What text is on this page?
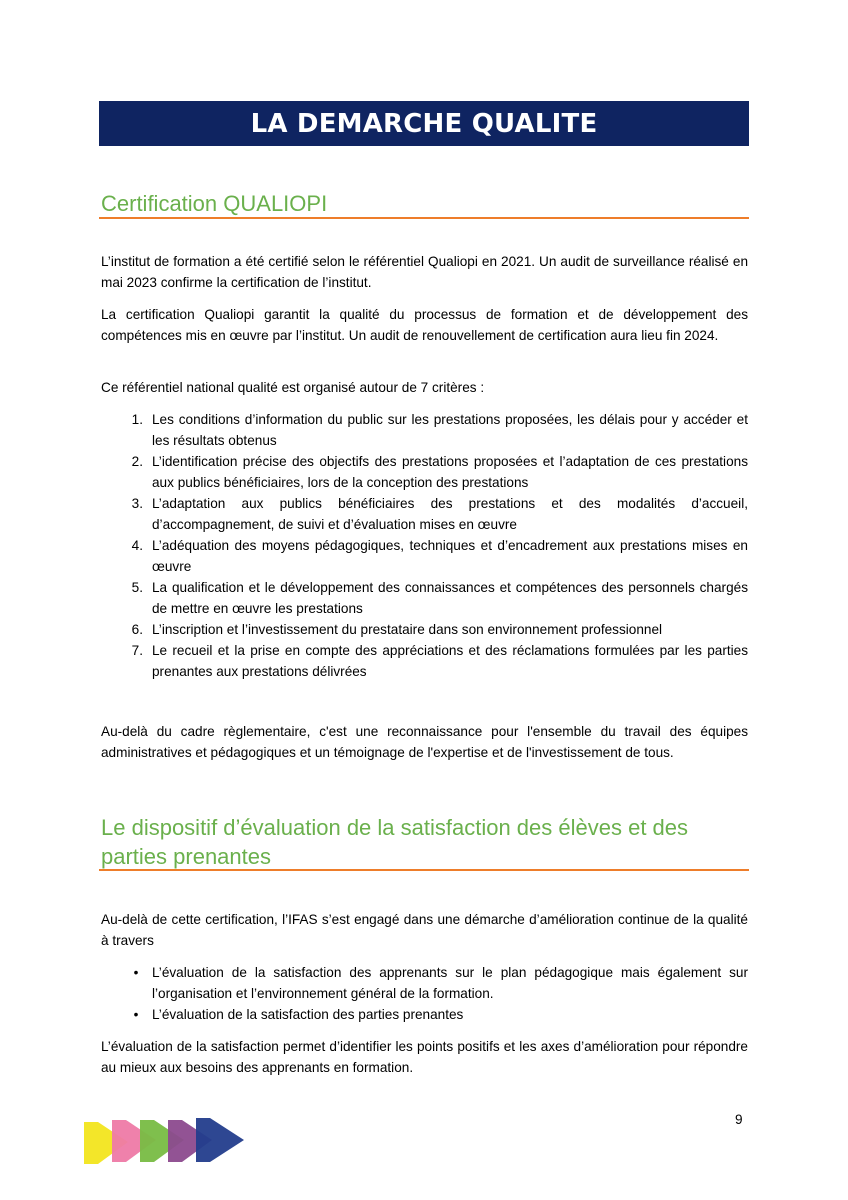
LA DEMARCHE QUALITE
Certification QUALIOPI

L’institut de formation a été certifié selon le référentiel Qualiopi en 2021. Un audit de surveillance réalisé en mai 2023 confirme la certification de l’institut.

La certification Qualiopi garantit la qualité du processus de formation et de développement des compétences mis en œuvre par l’institut. Un audit de renouvellement de certification aura lieu fin 2024.

Ce référentiel national qualité est organisé autour de 7 critères :

1. Les conditions d’information du public sur les prestations proposées, les délais pour y accéder et les résultats obtenus
2. L’identification précise des objectifs des prestations proposées et l’adaptation de ces prestations aux publics bénéficiaires, lors de la conception des prestations
3. L’adaptation aux publics bénéficiaires des prestations et des modalités d’accueil, d’accompagnement, de suivi et d’évaluation mises en œuvre
4. L’adéquation des moyens pédagogiques, techniques et d’encadrement aux prestations mises en œuvre
5. La qualification et le développement des connaissances et compétences des personnels chargés de mettre en œuvre les prestations
6. L’inscription et l’investissement du prestataire dans son environnement professionnel
7. Le recueil et la prise en compte des appréciations et des réclamations formulées par les parties prenantes aux prestations délivrées

Au-delà du cadre règlementaire, c'est une reconnaissance pour l'ensemble du travail des équipes administratives et pédagogiques et un témoignage de l'expertise et de l'investissement de tous.

Le dispositif d’évaluation de la satisfaction des élèves et des
parties prenantes

Au-delà de cette certification, l’IFAS s’est engagé dans une démarche d’amélioration continue de la qualité à travers

• L’évaluation de la satisfaction des apprenants sur le plan pédagogique mais également sur l’organisation et l’environnement général de la formation.
• L’évaluation de la satisfaction des parties prenantes

L’évaluation de la satisfaction permet d’identifier les points positifs et les axes d’amélioration pour répondre au mieux aux besoins des apprenants en formation.

9
